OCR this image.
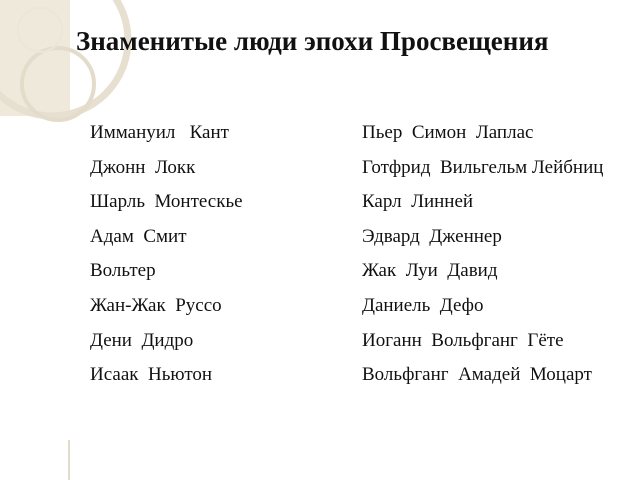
Знаменитые люди эпохи Просвещения
Иммануил   Кант
Джонн  Локк
Шарль  Монтескье
Адам  Смит
Вольтер
Жан-Жак  Руссо
Дени  Дидро
Исаак  Ньютон
Пьер  Симон  Лаплас
Готфрид  Вильгельм Лейбниц
Карл  Линней
Эдвард  Дженнер
Жак  Луи  Давид
Даниель  Дефо
Иоганн  Вольфганг  Гёте
Вольфганг  Амадей  Моцарт
